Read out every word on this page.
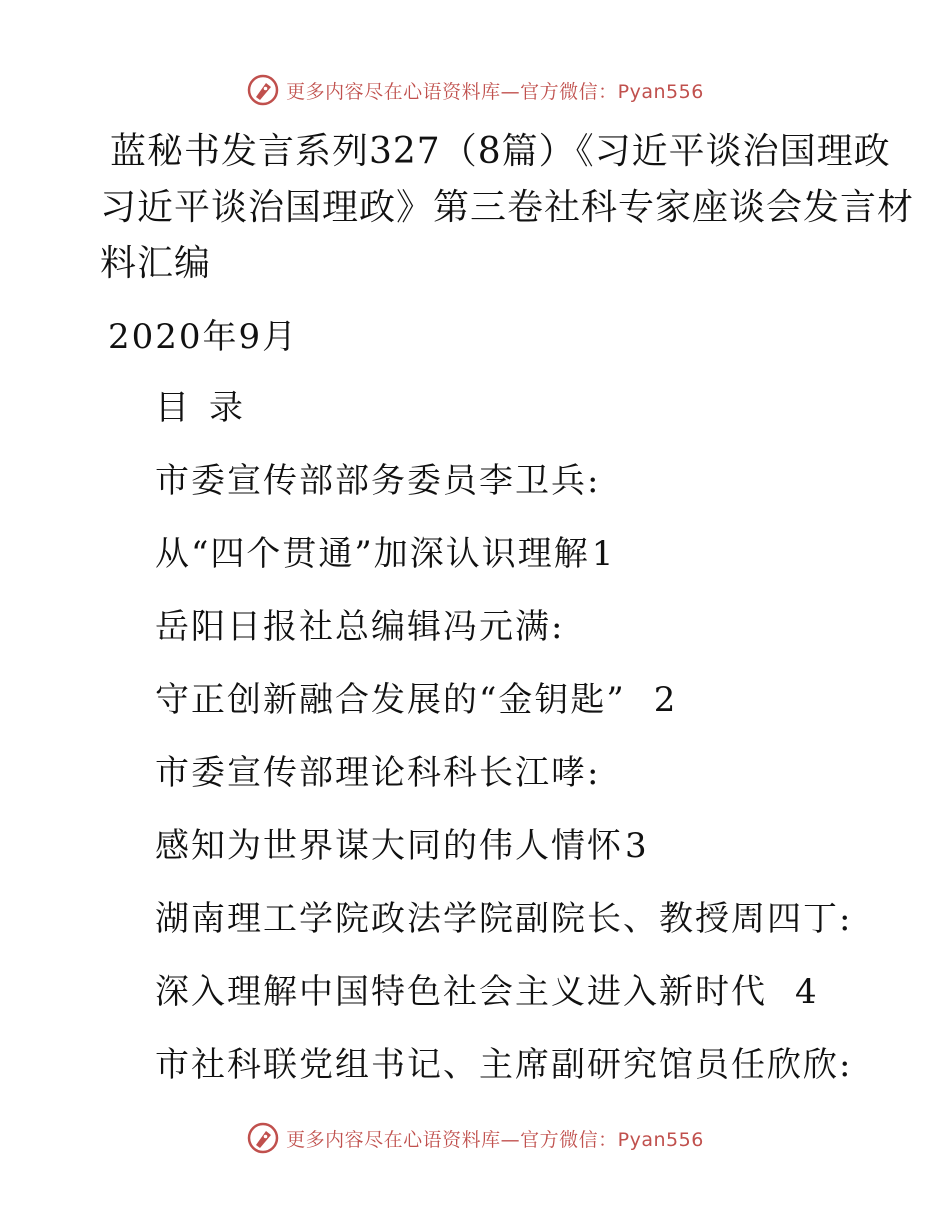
更多内容尽在心语资料库—官方微信：Pyan556
蓝秘书发言系列327（8篇）《习近平谈治国理政
习近平谈治国理政》第三卷社科专家座谈会发言材
料汇编
2020年9月
目录
市委宣传部部务委员李卫兵:
从“四个贯通”加深认识理解1
岳阳日报社总编辑冯元满:
守正创新融合发展的“金钥匙” 2
市委宣传部理论科科长江哮:
感知为世界谋大同的伟人情怀3
湖南理工学院政法学院副院长、教授周四丁:
深入理解中国特色社会主义进入新时代 4
市社科联党组书记、主席副研究馆员任欣欣:
更多内容尽在心语资料库—官方微信：Pyan556
